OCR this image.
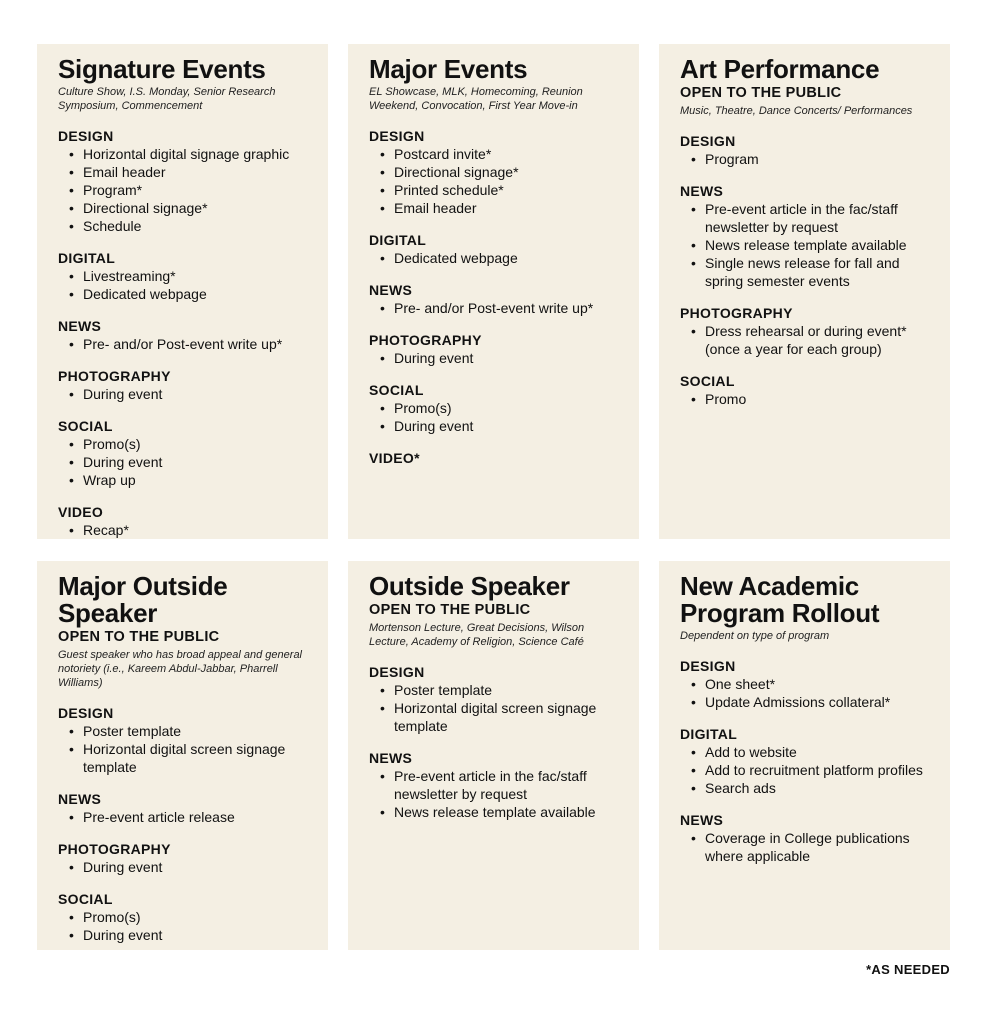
Signature Events
Culture Show, I.S. Monday, Senior Research Symposium, Commencement
DESIGN
• Horizontal digital signage graphic
• Email header
• Program*
• Directional signage*
• Schedule
DIGITAL
• Livestreaming*
• Dedicated webpage
NEWS
• Pre- and/or Post-event write up*
PHOTOGRAPHY
• During event
SOCIAL
• Promo(s)
• During event
• Wrap up
VIDEO
• Recap*
Major Events
EL Showcase, MLK, Homecoming, Reunion Weekend, Convocation, First Year Move-in
DESIGN
• Postcard invite*
• Directional signage*
• Printed schedule*
• Email header
DIGITAL
• Dedicated webpage
NEWS
• Pre- and/or Post-event write up*
PHOTOGRAPHY
• During event
SOCIAL
• Promo(s)
• During event
VIDEO*
Art Performance
OPEN TO THE PUBLIC
Music, Theatre, Dance Concerts/ Performances
DESIGN
• Program
NEWS
• Pre-event article in the fac/staff newsletter by request
• News release template available
• Single news release for fall and spring semester events
PHOTOGRAPHY
• Dress rehearsal or during event* (once a year for each group)
SOCIAL
• Promo
Major Outside Speaker
OPEN TO THE PUBLIC
Guest speaker who has broad appeal and general notoriety (i.e., Kareem Abdul-Jabbar, Pharrell Williams)
DESIGN
• Poster template
• Horizontal digital screen signage template
NEWS
• Pre-event article release
PHOTOGRAPHY
• During event
SOCIAL
• Promo(s)
• During event
Outside Speaker
OPEN TO THE PUBLIC
Mortenson Lecture, Great Decisions, Wilson Lecture, Academy of Religion, Science Café
DESIGN
• Poster template
• Horizontal digital screen signage template
NEWS
• Pre-event article in the fac/staff newsletter by request
• News release template available
New Academic Program Rollout
Dependent on type of program
DESIGN
• One sheet*
• Update Admissions collateral*
DIGITAL
• Add to website
• Add to recruitment platform profiles
• Search ads
NEWS
• Coverage in College publications where applicable
*AS NEEDED
